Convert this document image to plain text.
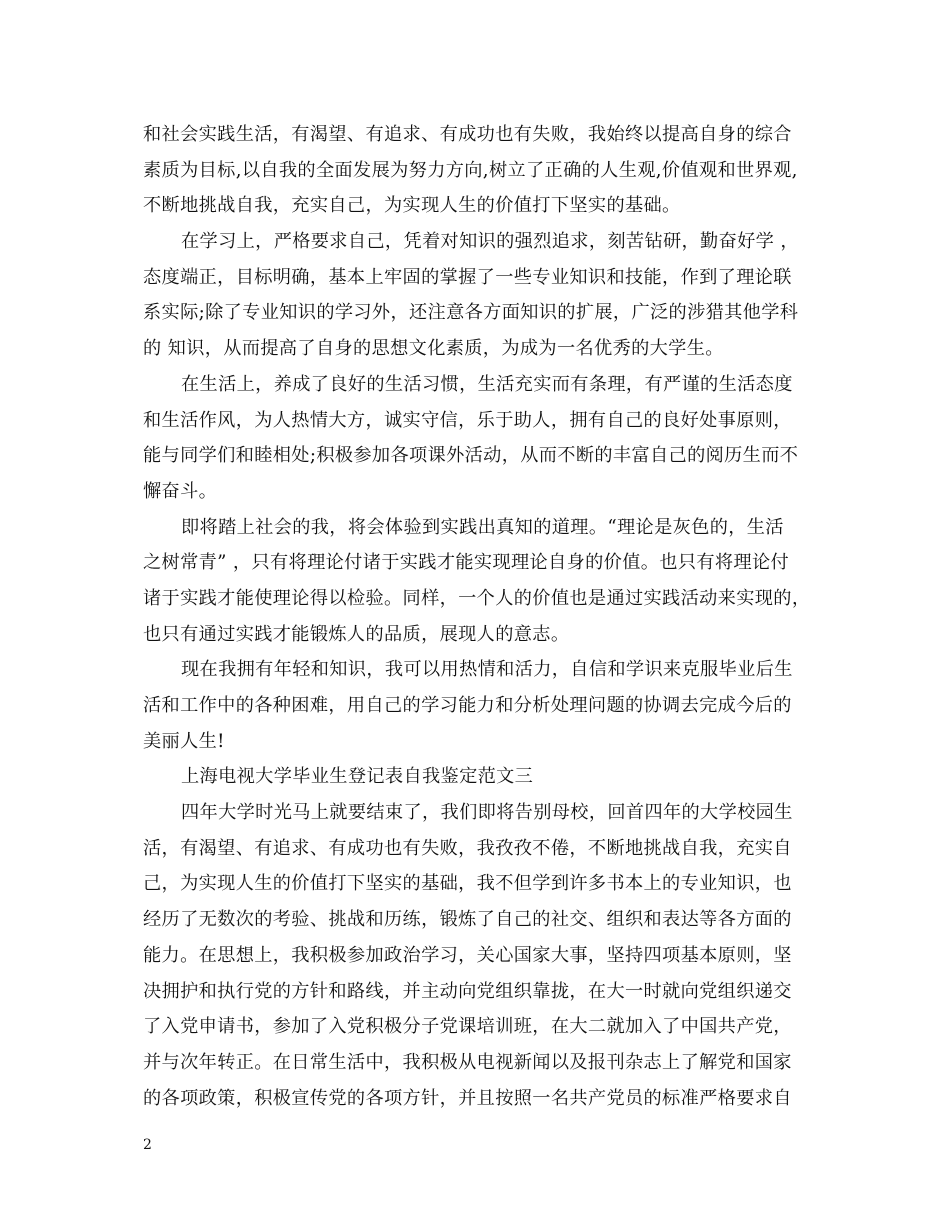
和社会实践生活，有渴望、有追求、有成功也有失败，我始终以提高自身的综合
素质为目标,以自我的全面发展为努力方向,树立了正确的人生观,价值观和世界观,
不断地挑战自我，充实自己，为实现人生的价值打下坚实的基础。
在学习上，严格要求自己，凭着对知识的强烈追求，刻苦钻研，勤奋好学 ，
态度端正，目标明确，基本上牢固的掌握了一些专业知识和技能，作到了理论联
系实际;除了专业知识的学习外，还注意各方面知识的扩展，广泛的涉猎其他学科
的 知识，从而提高了自身的思想文化素质，为成为一名优秀的大学生。
在生活上，养成了良好的生活习惯，生活充实而有条理，有严谨的生活态度
和生活作风，为人热情大方，诚实守信，乐于助人，拥有自己的良好处事原则，
能与同学们和睦相处;积极参加各项课外活动，从而不断的丰富自己的阅历生而不
懈奋斗。
即将踏上社会的我，将会体验到实践出真知的道理。“理论是灰色的，生活
之树常青” ，只有将理论付诸于实践才能实现理论自身的价值。也只有将理论付
诸于实践才能使理论得以检验。同样，一个人的价值也是通过实践活动来实现的，
也只有通过实践才能锻炼人的品质，展现人的意志。
现在我拥有年轻和知识，我可以用热情和活力，自信和学识来克服毕业后生
活和工作中的各种困难，用自己的学习能力和分析处理问题的协调去完成今后的
美丽人生!
上海电视大学毕业生登记表自我鉴定范文三
四年大学时光马上就要结束了，我们即将告别母校，回首四年的大学校园生
活，有渴望、有追求、有成功也有失败，我孜孜不倦，不断地挑战自我，充实自
己，为实现人生的价值打下坚实的基础，我不但学到许多书本上的专业知识，也
经历了无数次的考验、挑战和历练，锻炼了自己的社交、组织和表达等各方面的
能力。在思想上，我积极参加政治学习，关心国家大事，坚持四项基本原则，坚
决拥护和执行党的方针和路线，并主动向党组织靠拢，在大一时就向党组织递交
了入党申请书，参加了入党积极分子党课培训班，在大二就加入了中国共产党，
并与次年转正。在日常生活中，我积极从电视新闻以及报刊杂志上了解党和国家
的各项政策，积极宣传党的各项方针，并且按照一名共产党员的标准严格要求自
2
